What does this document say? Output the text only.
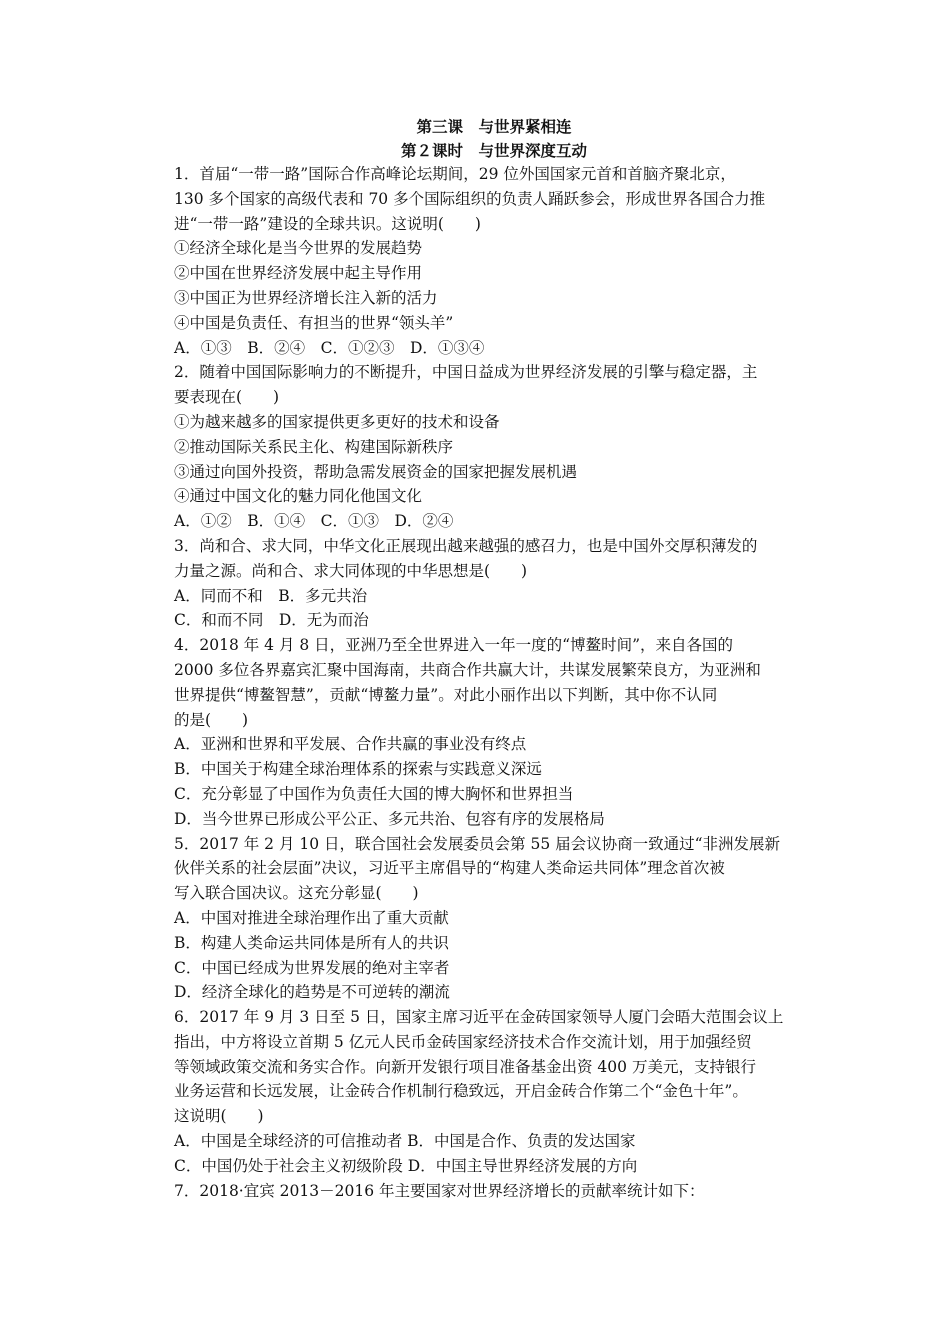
第三课　与世界紧相连
第２课时　与世界深度互动
1．首届“一带一路”国际合作高峰论坛期间，29 位外国国家元首和首脑齐聚北京，
130 多个国家的高级代表和 70 多个国际组织的负责人踊跃参会，形成世界各国合力推
进“一带一路”建设的全球共识。这说明(　　)
①经济全球化是当今世界的发展趋势
②中国在世界经济发展中起主导作用
③中国正为世界经济增长注入新的活力
④中国是负责任、有担当的世界“领头羊”
A．①③　B．②④　C．①②③　D．①③④
2．随着中国国际影响力的不断提升，中国日益成为世界经济发展的引擎与稳定器，主
要表现在(　　)
①为越来越多的国家提供更多更好的技术和设备
②推动国际关系民主化、构建国际新秩序
③通过向国外投资，帮助急需发展资金的国家把握发展机遇
④通过中国文化的魅力同化他国文化
A．①②　B．①④　C．①③　D．②④
3．尚和合、求大同，中华文化正展现出越来越强的感召力，也是中国外交厚积薄发的
力量之源。尚和合、求大同体现的中华思想是(　　)
A．同而不和　B．多元共治
C．和而不同　D．无为而治
4．2018 年 4 月 8 日，亚洲乃至全世界进入一年一度的“博鳌时间”，来自各国的
2000 多位各界嘉宾汇聚中国海南，共商合作共赢大计，共谋发展繁荣良方，为亚洲和
世界提供“博鳌智慧”，贡献“博鳌力量”。对此小丽作出以下判断，其中你不认同
的是(　　)
A．亚洲和世界和平发展、合作共赢的事业没有终点
B．中国关于构建全球治理体系的探索与实践意义深远
C．充分彰显了中国作为负责任大国的博大胸怀和世界担当
D．当今世界已形成公平公正、多元共治、包容有序的发展格局
5．2017 年 2 月 10 日，联合国社会发展委员会第 55 届会议协商一致通过“非洲发展新
伙伴关系的社会层面”决议，习近平主席倡导的“构建人类命运共同体”理念首次被
写入联合国决议。这充分彰显(　　)
A．中国对推进全球治理作出了重大贡献
B．构建人类命运共同体是所有人的共识
C．中国已经成为世界发展的绝对主宰者
D．经济全球化的趋势是不可逆转的潮流
6．2017 年 9 月 3 日至 5 日，国家主席习近平在金砖国家领导人厦门会晤大范围会议上
指出，中方将设立首期 5 亿元人民币金砖国家经济技术合作交流计划，用于加强经贸
等领域政策交流和务实合作。向新开发银行项目准备基金出资 400 万美元，支持银行
业务运营和长远发展，让金砖合作机制行稳致远，开启金砖合作第二个“金色十年”。
这说明(　　)
A．中国是全球经济的可信推动者 B．中国是合作、负责的发达国家
C．中国仍处于社会主义初级阶段 D．中国主导世界经济发展的方向
7．2018·宜宾 2013－2016 年主要国家对世界经济增长的贡献率统计如下：
